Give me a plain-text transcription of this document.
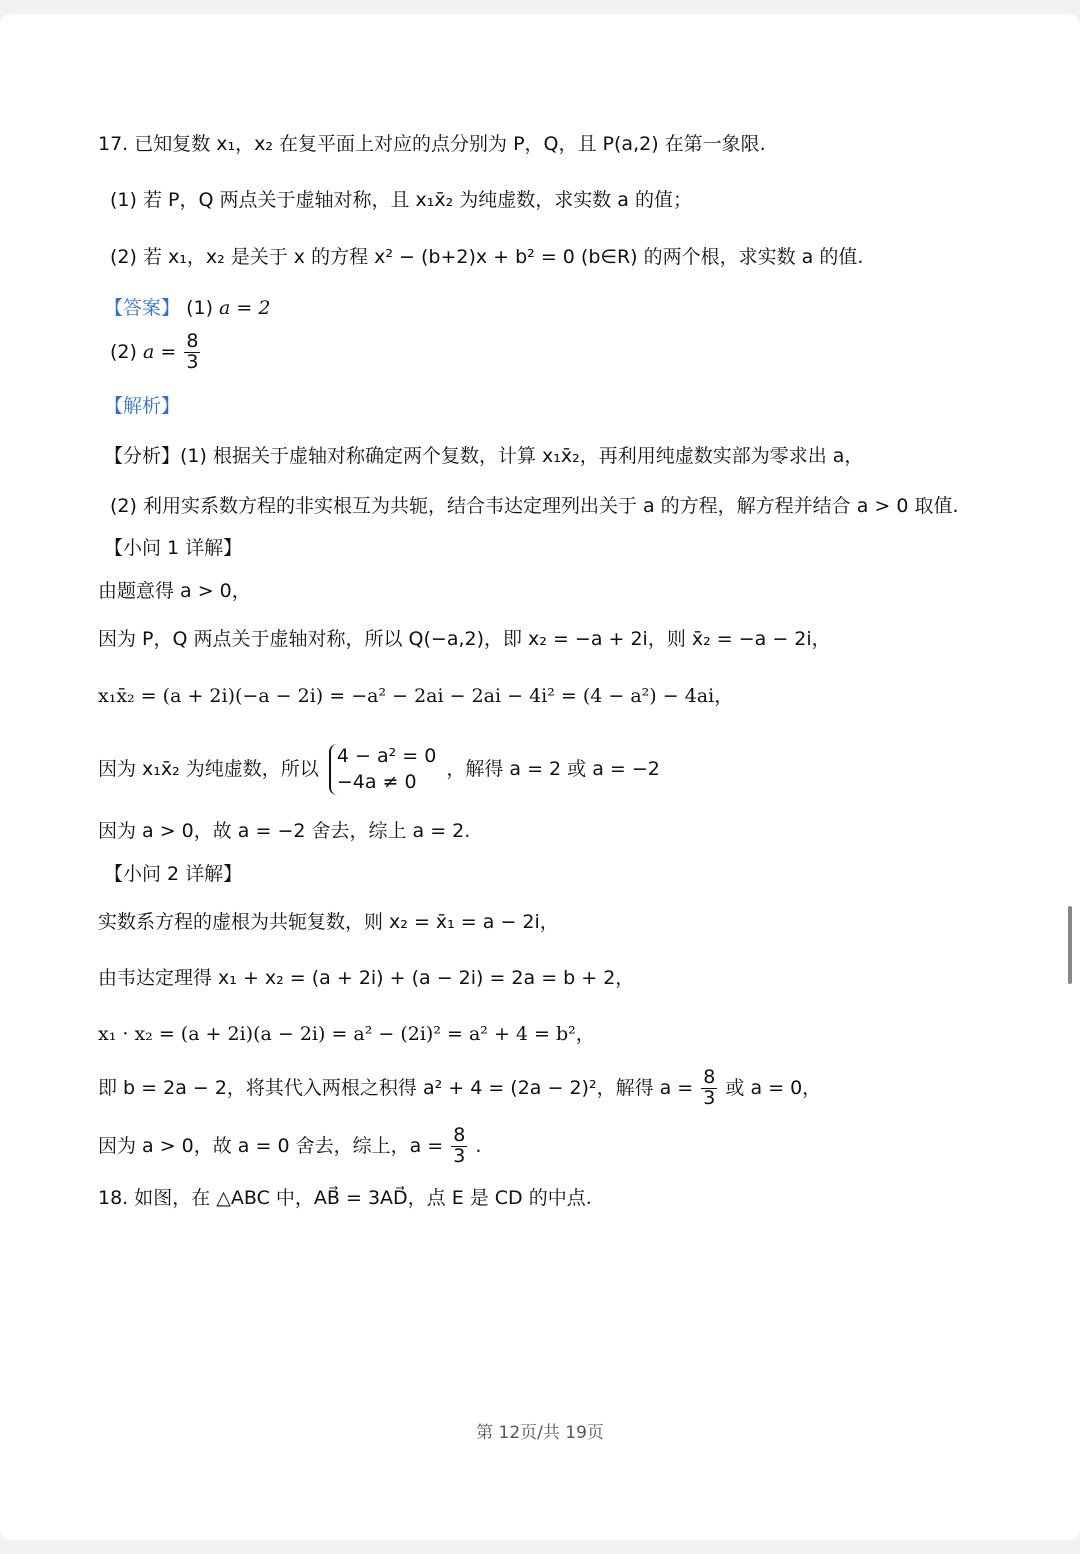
17. 已知复数 x₁，x₂ 在复平面上对应的点分别为 P，Q，且 P(a,2) 在第一象限.
(1) 若 P，Q 两点关于虚轴对称，且 x₁x̄₂ 为纯虚数，求实数 a 的值；
(2) 若 x₁，x₂ 是关于 x 的方程 x² − (b+2)x + b² = 0 (b∈R) 的两个根，求实数 a 的值.
【答案】 (1) a = 2
(2) $a = \frac{8}{3}$
【解析】
【分析】(1) 根据关于虚轴对称确定两个复数，计算 x₁x̄₂，再利用纯虚数实部为零求出 a，
(2) 利用实系数方程的非实根互为共轭，结合韦达定理列出关于 a 的方程，解方程并结合 a > 0 取值.
【小问 1 详解】
由题意得 a > 0，
因为 P，Q 两点关于虚轴对称，所以 Q(−a,2)，即 x₂ = −a + 2i，则 x̄₂ = −a − 2i，
x₁x̄₂ = (a + 2i)(−a − 2i) = −a² − 2ai − 2ai − 4i² = (4 − a²) − 4ai，
因为 x₁x̄₂ 为纯虚数，所以
4 − a² = 0
−4a ≠ 0
，解得 a = 2 或 a = −2
因为 a > 0，故 a = −2 舍去，综上 a = 2.
【小问 2 详解】
实数系方程的虚根为共轭复数，则 x₂ = x̄₁ = a − 2i，
由韦达定理得 x₁ + x₂ = (a + 2i) + (a − 2i) = 2a = b + 2，
x₁ · x₂ = (a + 2i)(a − 2i) = a² − (2i)² = a² + 4 = b²，
即 b = 2a − 2，将其代入两根之积得 a² + 4 = (2a − 2)²，解得 $a = \frac{8}{3}$ 或 a = 0，
因为 a > 0，故 a = 0 舍去，综上，$a = \frac{8}{3}$ .
18. 如图，在 △ABC 中，AB⃗ = 3AD⃗，点 E 是 CD 的中点.
第 12页/共 19页
